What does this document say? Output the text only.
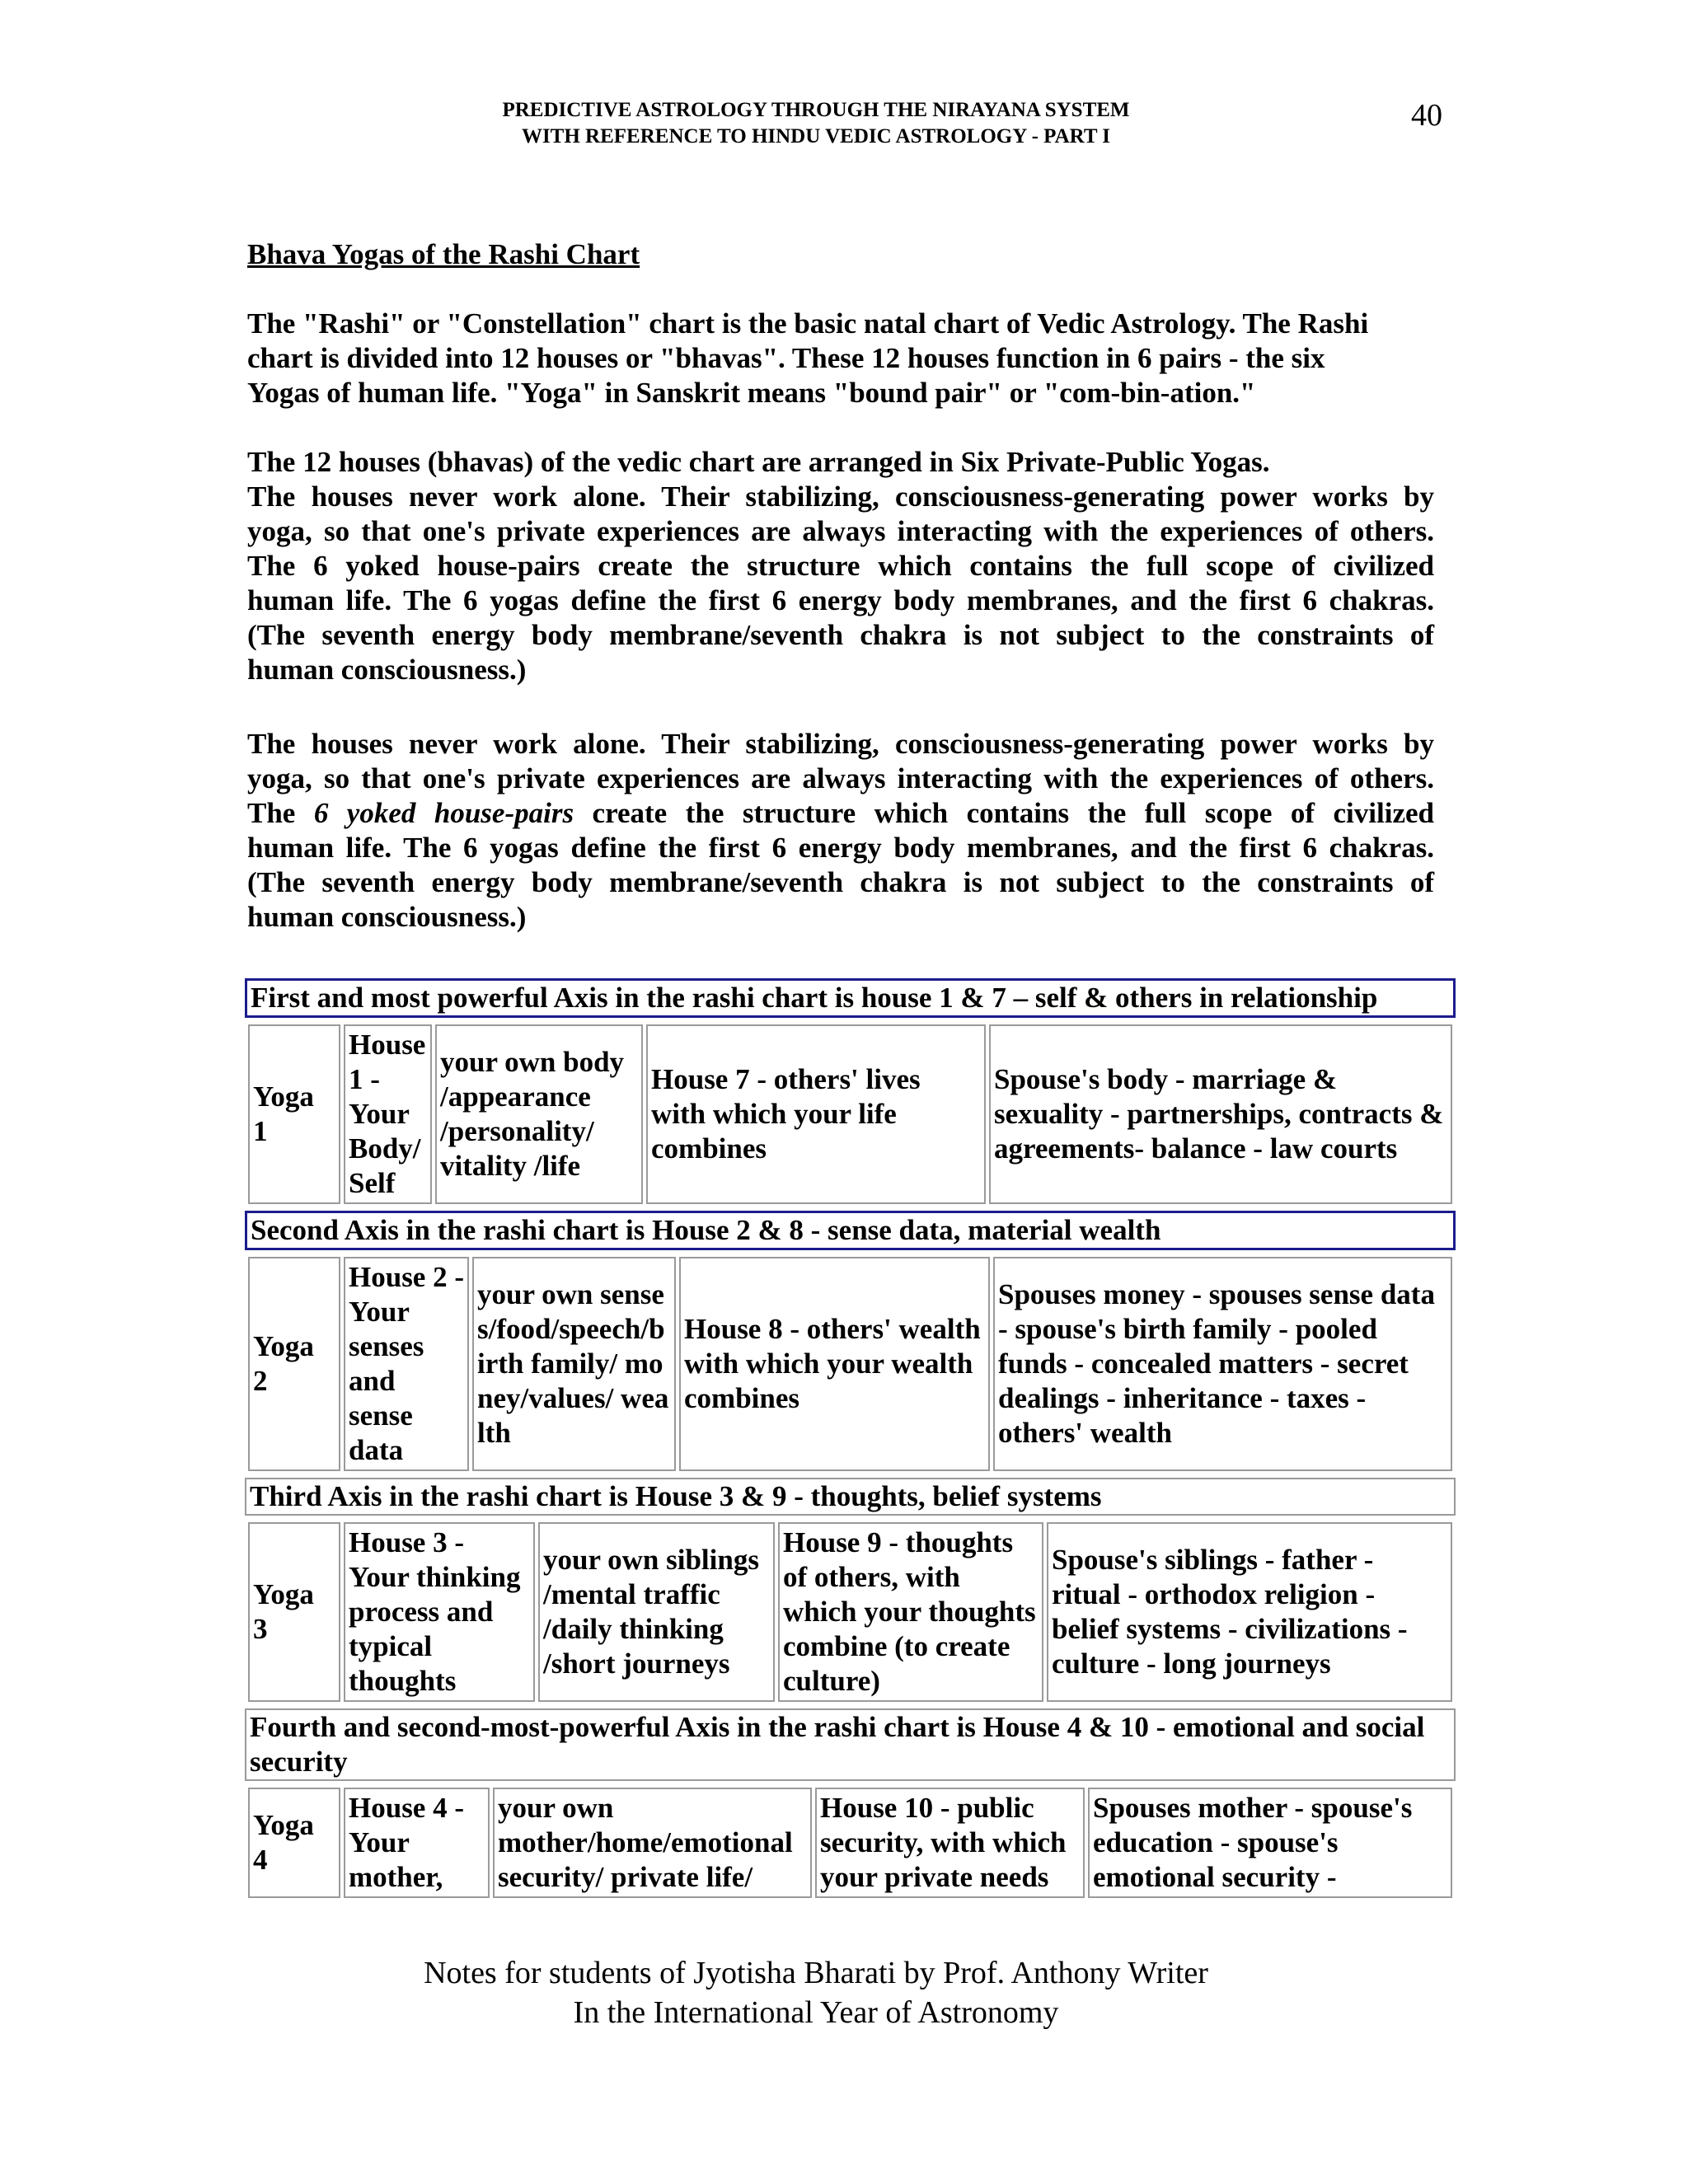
PREDICTIVE ASTROLOGY THROUGH THE NIRAYANA SYSTEM
WITH REFERENCE TO HINDU VEDIC ASTROLOGY - PART I
40
Bhava Yogas of the Rashi Chart
The "Rashi" or "Constellation" chart is the basic natal chart of Vedic Astrology. The Rashi
chart is divided into 12 houses or "bhavas". These 12 houses function in 6 pairs - the six
Yogas of human life. "Yoga" in Sanskrit means "bound pair" or "com-bin-ation."
The 12 houses (bhavas) of the vedic chart are arranged in Six Private-Public Yogas.
The houses never work alone. Their stabilizing, consciousness-generating power works by
yoga, so that one's private experiences are always interacting with the experiences of others.
The 6 yoked house-pairs create the structure which contains the full scope of civilized
human life. The 6 yogas define the first 6 energy body membranes, and the first 6 chakras.
(The seventh energy body membrane/seventh chakra is not subject to the constraints of
human consciousness.)
The houses never work alone. Their stabilizing, consciousness-generating power works by
yoga, so that one's private experiences are always interacting with the experiences of others.
The 6 yoked house-pairs create the structure which contains the full scope of civilized
human life. The 6 yogas define the first 6 energy body membranes, and the first 6 chakras.
(The seventh energy body membrane/seventh chakra is not subject to the constraints of
human consciousness.)
First and most powerful Axis in the rashi chart is house 1 & 7 – self & others in relationship

Yoga 1	House 1 - Your Body/ Self	your own body /appearance /personality/ vitality /life	House 7 - others' lives with which your life combines	Spouse's body - marriage & sexuality - partnerships, contracts & agreements- balance - law courts

Second Axis in the rashi chart is House 2 & 8 - sense data, material wealth

Yoga 2	House 2 - Your senses and sense data	your own senses/food/speech/birth family/ money/values/ wealth	House 8 - others' wealth with which your wealth combines	Spouses money - spouses sense data - spouse's birth family - pooled funds - concealed matters - secret dealings - inheritance - taxes - others' wealth

Third Axis in the rashi chart is House 3 & 9 - thoughts, belief systems

Yoga 3	House 3 - Your thinking process and typical thoughts	your own siblings /mental traffic /daily thinking /short journeys	House 9 - thoughts of others, with which your thoughts combine (to create culture)	Spouse's siblings - father - ritual - orthodox religion - belief systems - civilizations - culture - long journeys

Fourth and second-most-powerful Axis in the rashi chart is House 4 & 10 - emotional and social security

Yoga 4	House 4 - Your mother,	your own mother/home/emotional security/ private life/	House 10 - public security, with which your private needs	Spouses mother - spouse's education - spouse's emotional security -
Notes for students of Jyotisha Bharati by Prof. Anthony Writer
In the International Year of Astronomy
